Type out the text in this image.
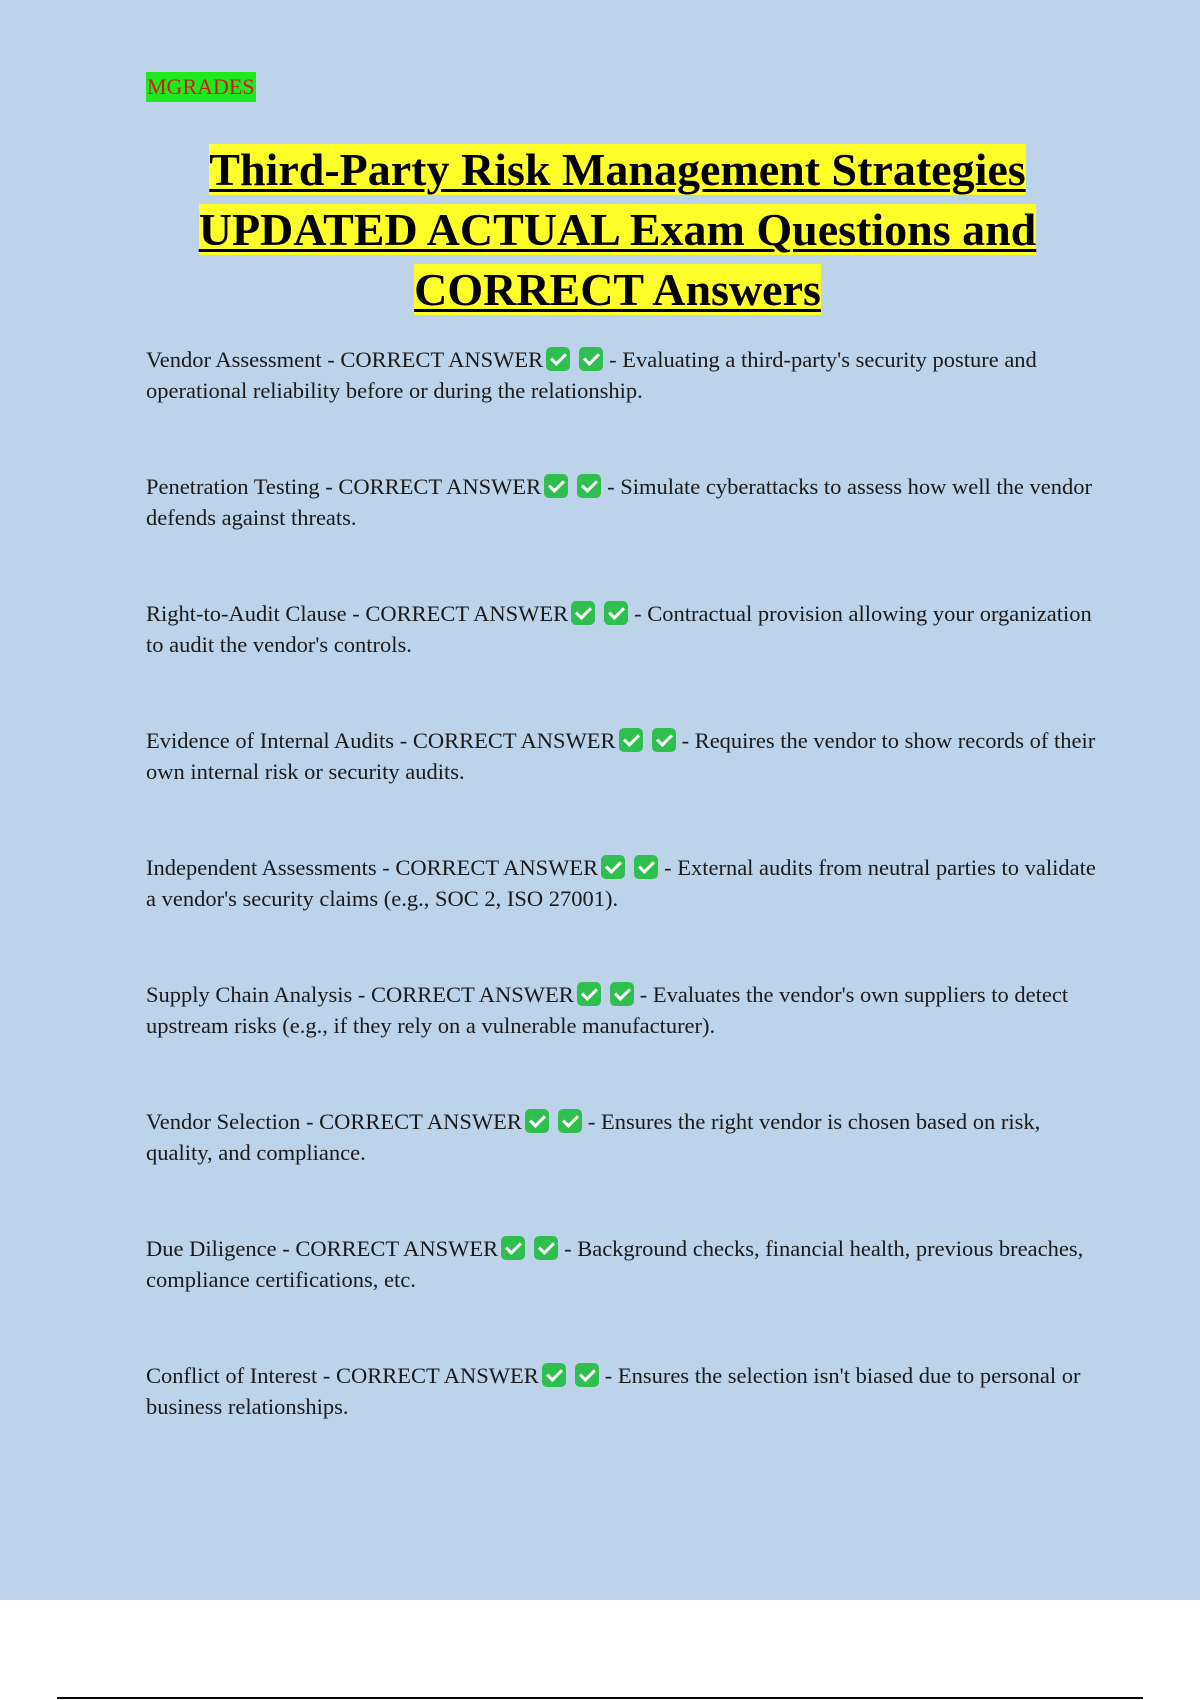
MGRADES
Third-Party Risk Management Strategies
UPDATED ACTUAL Exam Questions and
CORRECT Answers

Vendor Assessment - CORRECT ANSWER	- Evaluating a third-party's security posture and operational reliability before or during the relationship.

Penetration Testing - CORRECT ANSWER	- Simulate cyberattacks to assess how well the vendor defends against threats.

Right-to-Audit Clause - CORRECT ANSWER	- Contractual provision allowing your organization to audit the vendor's controls.

Evidence of Internal Audits - CORRECT ANSWER	- Requires the vendor to show records of their own internal risk or security audits.

Independent Assessments - CORRECT ANSWER	- External audits from neutral parties to validate a vendor's security claims (e.g., SOC 2, ISO 27001).

Supply Chain Analysis - CORRECT ANSWER	- Evaluates the vendor's own suppliers to detect upstream risks (e.g., if they rely on a vulnerable manufacturer).

Vendor Selection - CORRECT ANSWER	- Ensures the right vendor is chosen based on risk, quality, and compliance.

Due Diligence - CORRECT ANSWER	- Background checks, financial health, previous breaches, compliance certifications, etc.

Conflict of Interest - CORRECT ANSWER	- Ensures the selection isn't biased due to personal or business relationships.
